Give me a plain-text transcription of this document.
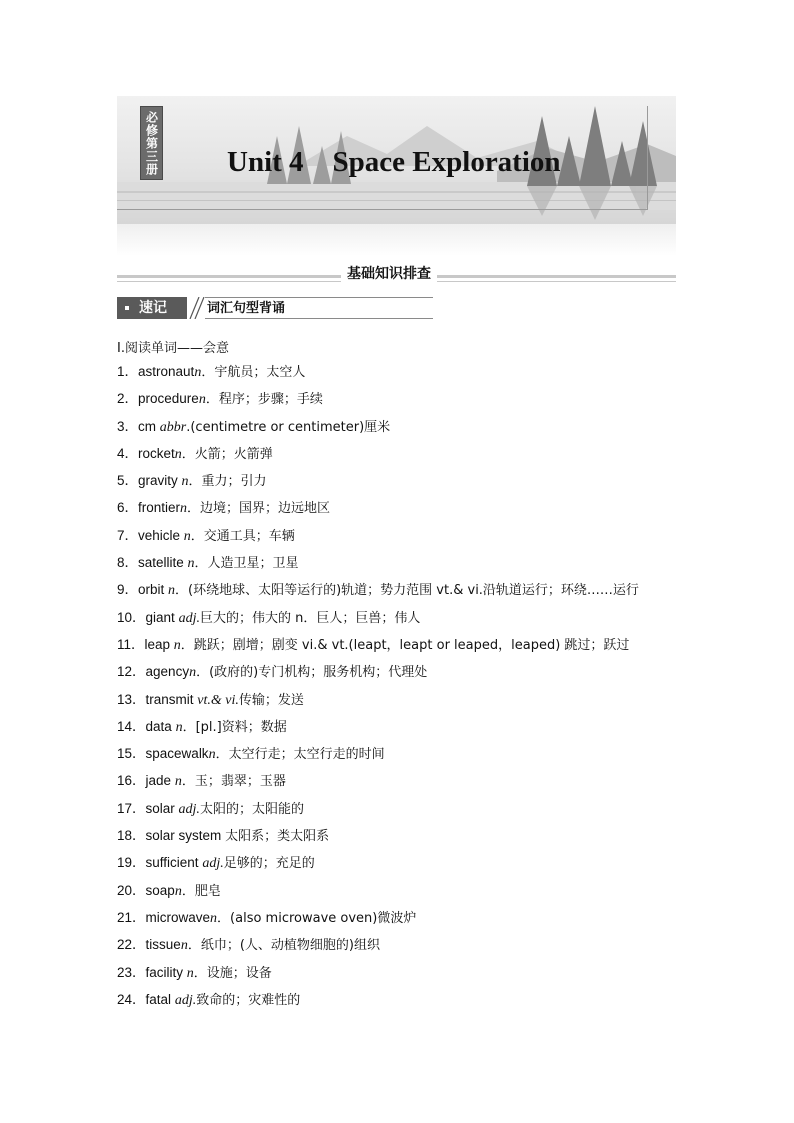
必修第三册 Unit 4    Space Exploration
基础知识排查
速记	词汇句型背诵
Ⅰ.阅读单词——会意
1．astronautn．宇航员；太空人
2．proceduren．程序；步骤；手续
3．cm abbr.(centimetre or centimeter)厘米
4．rocketn．火箭；火箭弹
5．gravity n．重力；引力
6．frontiern．边境；国界；边远地区
7．vehicle n．交通工具；车辆
8．satellite n．人造卫星；卫星
9．orbit n．(环绕地球、太阳等运行的)轨道；势力范围 vt.& vi.沿轨道运行；环绕……运行
10．giant adj.巨大的；伟大的 n．巨人；巨兽；伟人
11．leap n．跳跃；剧增；剧变 vi.& vt.(leapt，leapt or leaped，leaped) 跳过；跃过
12．agencyn．(政府的)专门机构；服务机构；代理处
13．transmit vt.& vi.传输；发送
14．data n．[pl.]资料；数据
15．spacewalkn．太空行走；太空行走的时间
16．jade n．玉；翡翠；玉器
17．solar adj.太阳的；太阳能的
18．solar system 太阳系；类太阳系
19．sufficient adj.足够的；充足的
20．soapn．肥皂
21．microwaven．(also microwave oven)微波炉
22．tissuen．纸巾；(人、动植物细胞的)组织
23．facility n．设施；设备
24．fatal adj.致命的；灾难性的
